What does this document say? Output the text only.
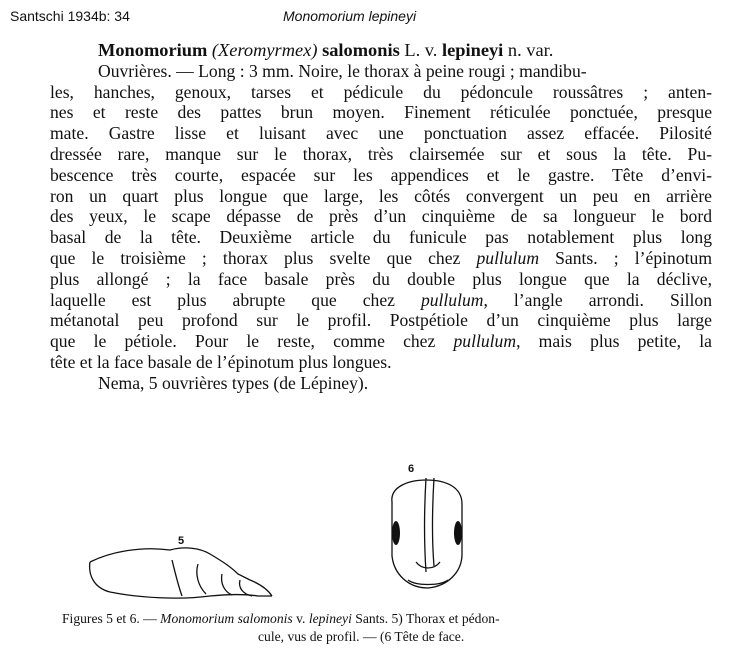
Santschi 1934b: 34	Monomorium lepineyi
Monomorium (Xeromyrmex) salomonis L. v. lepineyi n. var.
Ouvrières. — Long : 3 mm. Noire, le thorax à peine rougi ; mandibu-
les, hanches, genoux, tarses et pédicule du pédoncule roussâtres ; anten-
nes et reste des pattes brun moyen. Finement réticulée ponctuée, presque
mate. Gastre lisse et luisant avec une ponctuation assez effacée. Pilosité
dressée rare, manque sur le thorax, très clairsemée sur et sous la tête. Pu-
bescence très courte, espacée sur les appendices et le gastre. Tête d’envi-
ron un quart plus longue que large, les côtés convergent un peu en arrière
des yeux, le scape dépasse de près d’un cinquième de sa longueur le bord
basal de la tête. Deuxième article du funicule pas notablement plus long
que le troisième ; thorax plus svelte que chez pullulum Sants. ; l’épinotum
plus allongé ; la face basale près du double plus longue que la déclive,
laquelle est plus abrupte que chez pullulum, l’angle arrondi. Sillon
métanotal peu profond sur le profil. Postpétiole d’un cinquième plus large
que le pétiole. Pour le reste, comme chez pullulum, mais plus petite, la
tête et la face basale de l’épinotum plus longues.
Nema, 5 ouvrières types (de Lépiney).
5
6
Figures 5 et 6. — Monomorium salomonis v. lepineyi Sants. 5) Thorax et pédon-
cule, vus de profil. — (6 Tête de face.
